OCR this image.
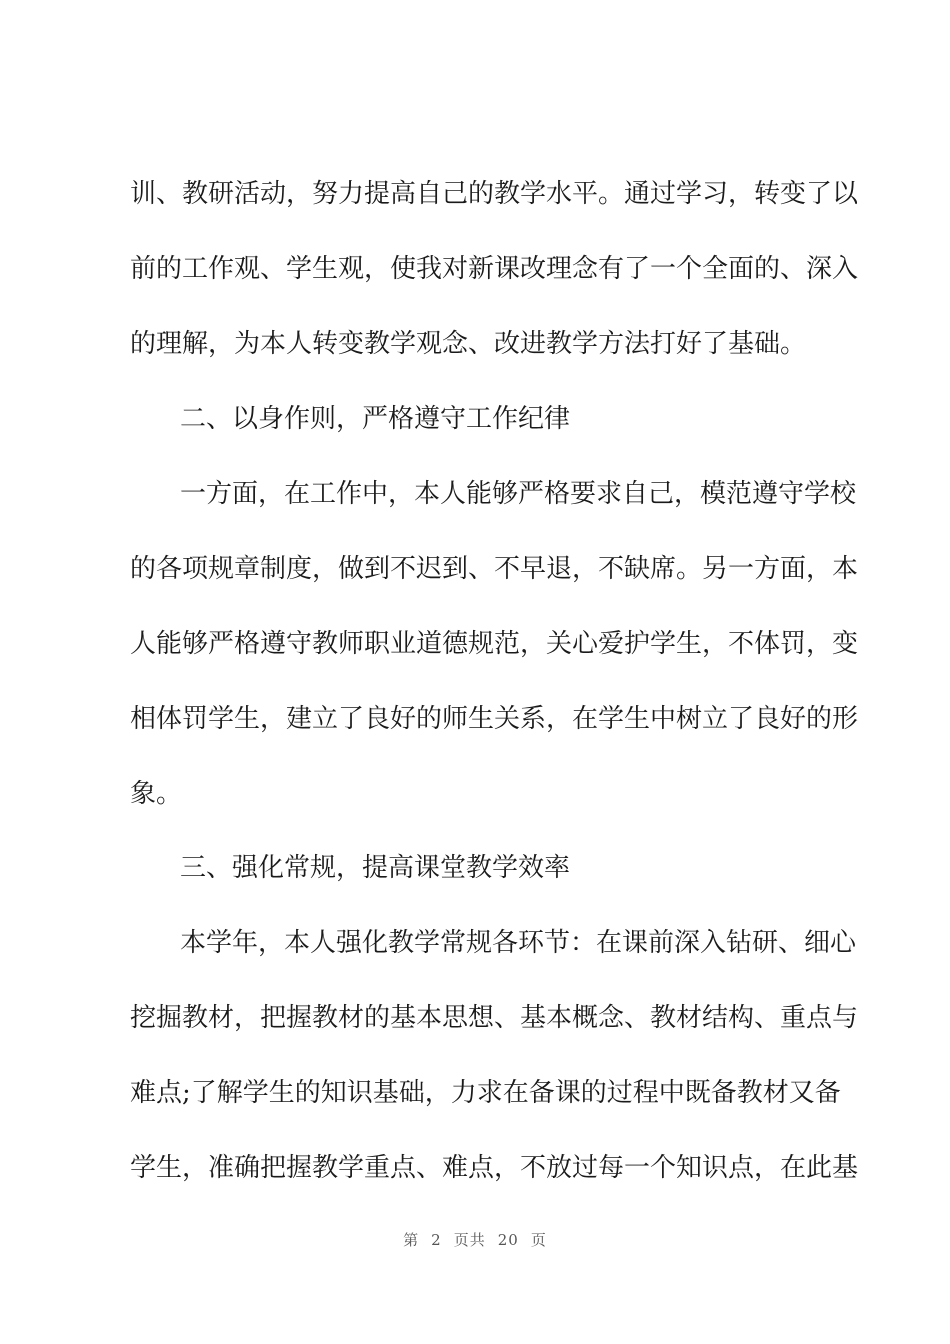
训、教研活动，努力提高自己的教学水平。通过学习，转变了以
前的工作观、学生观，使我对新课改理念有了一个全面的、深入
的理解，为本人转变教学观念、改进教学方法打好了基础。
二、以身作则，严格遵守工作纪律
一方面，在工作中，本人能够严格要求自己，模范遵守学校
的各项规章制度，做到不迟到、不早退，不缺席。另一方面，本
人能够严格遵守教师职业道德规范，关心爱护学生，不体罚，变
相体罚学生，建立了良好的师生关系，在学生中树立了良好的形
象。
三、强化常规，提高课堂教学效率
本学年，本人强化教学常规各环节：在课前深入钻研、细心
挖掘教材，把握教材的基本思想、基本概念、教材结构、重点与
难点;了解学生的知识基础，力求在备课的过程中既备教材又备
学生，准确把握教学重点、难点，不放过每一个知识点，在此基
第 2 页共 20 页
